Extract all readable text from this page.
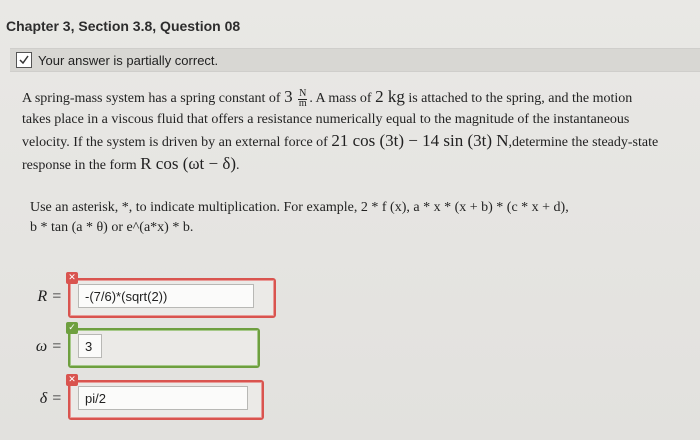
Chapter 3, Section 3.8, Question 08
Your answer is partially correct.
A spring-mass system has a spring constant of $3 \frac{N}{m}$ . A mass of 2 kg is attached to the spring, and the motion
takes place in a viscous fluid that offers a resistance numerically equal to the magnitude of the instantaneous
velocity. If the system is driven by an external force of 21 cos (3t) − 14 sin (3t) N,determine the steady-state
response in the form R cos (ωt − δ).
Use an asterisk, *, to indicate multiplication. For example, 2 * f (x), a * x * (x + b) * (c * x + d),
b * tan (a * θ) or e^(a*x) * b.
R =
✕
-(7/6)*(sqrt(2))
ω =
✓
3
δ =
✕
pi/2
